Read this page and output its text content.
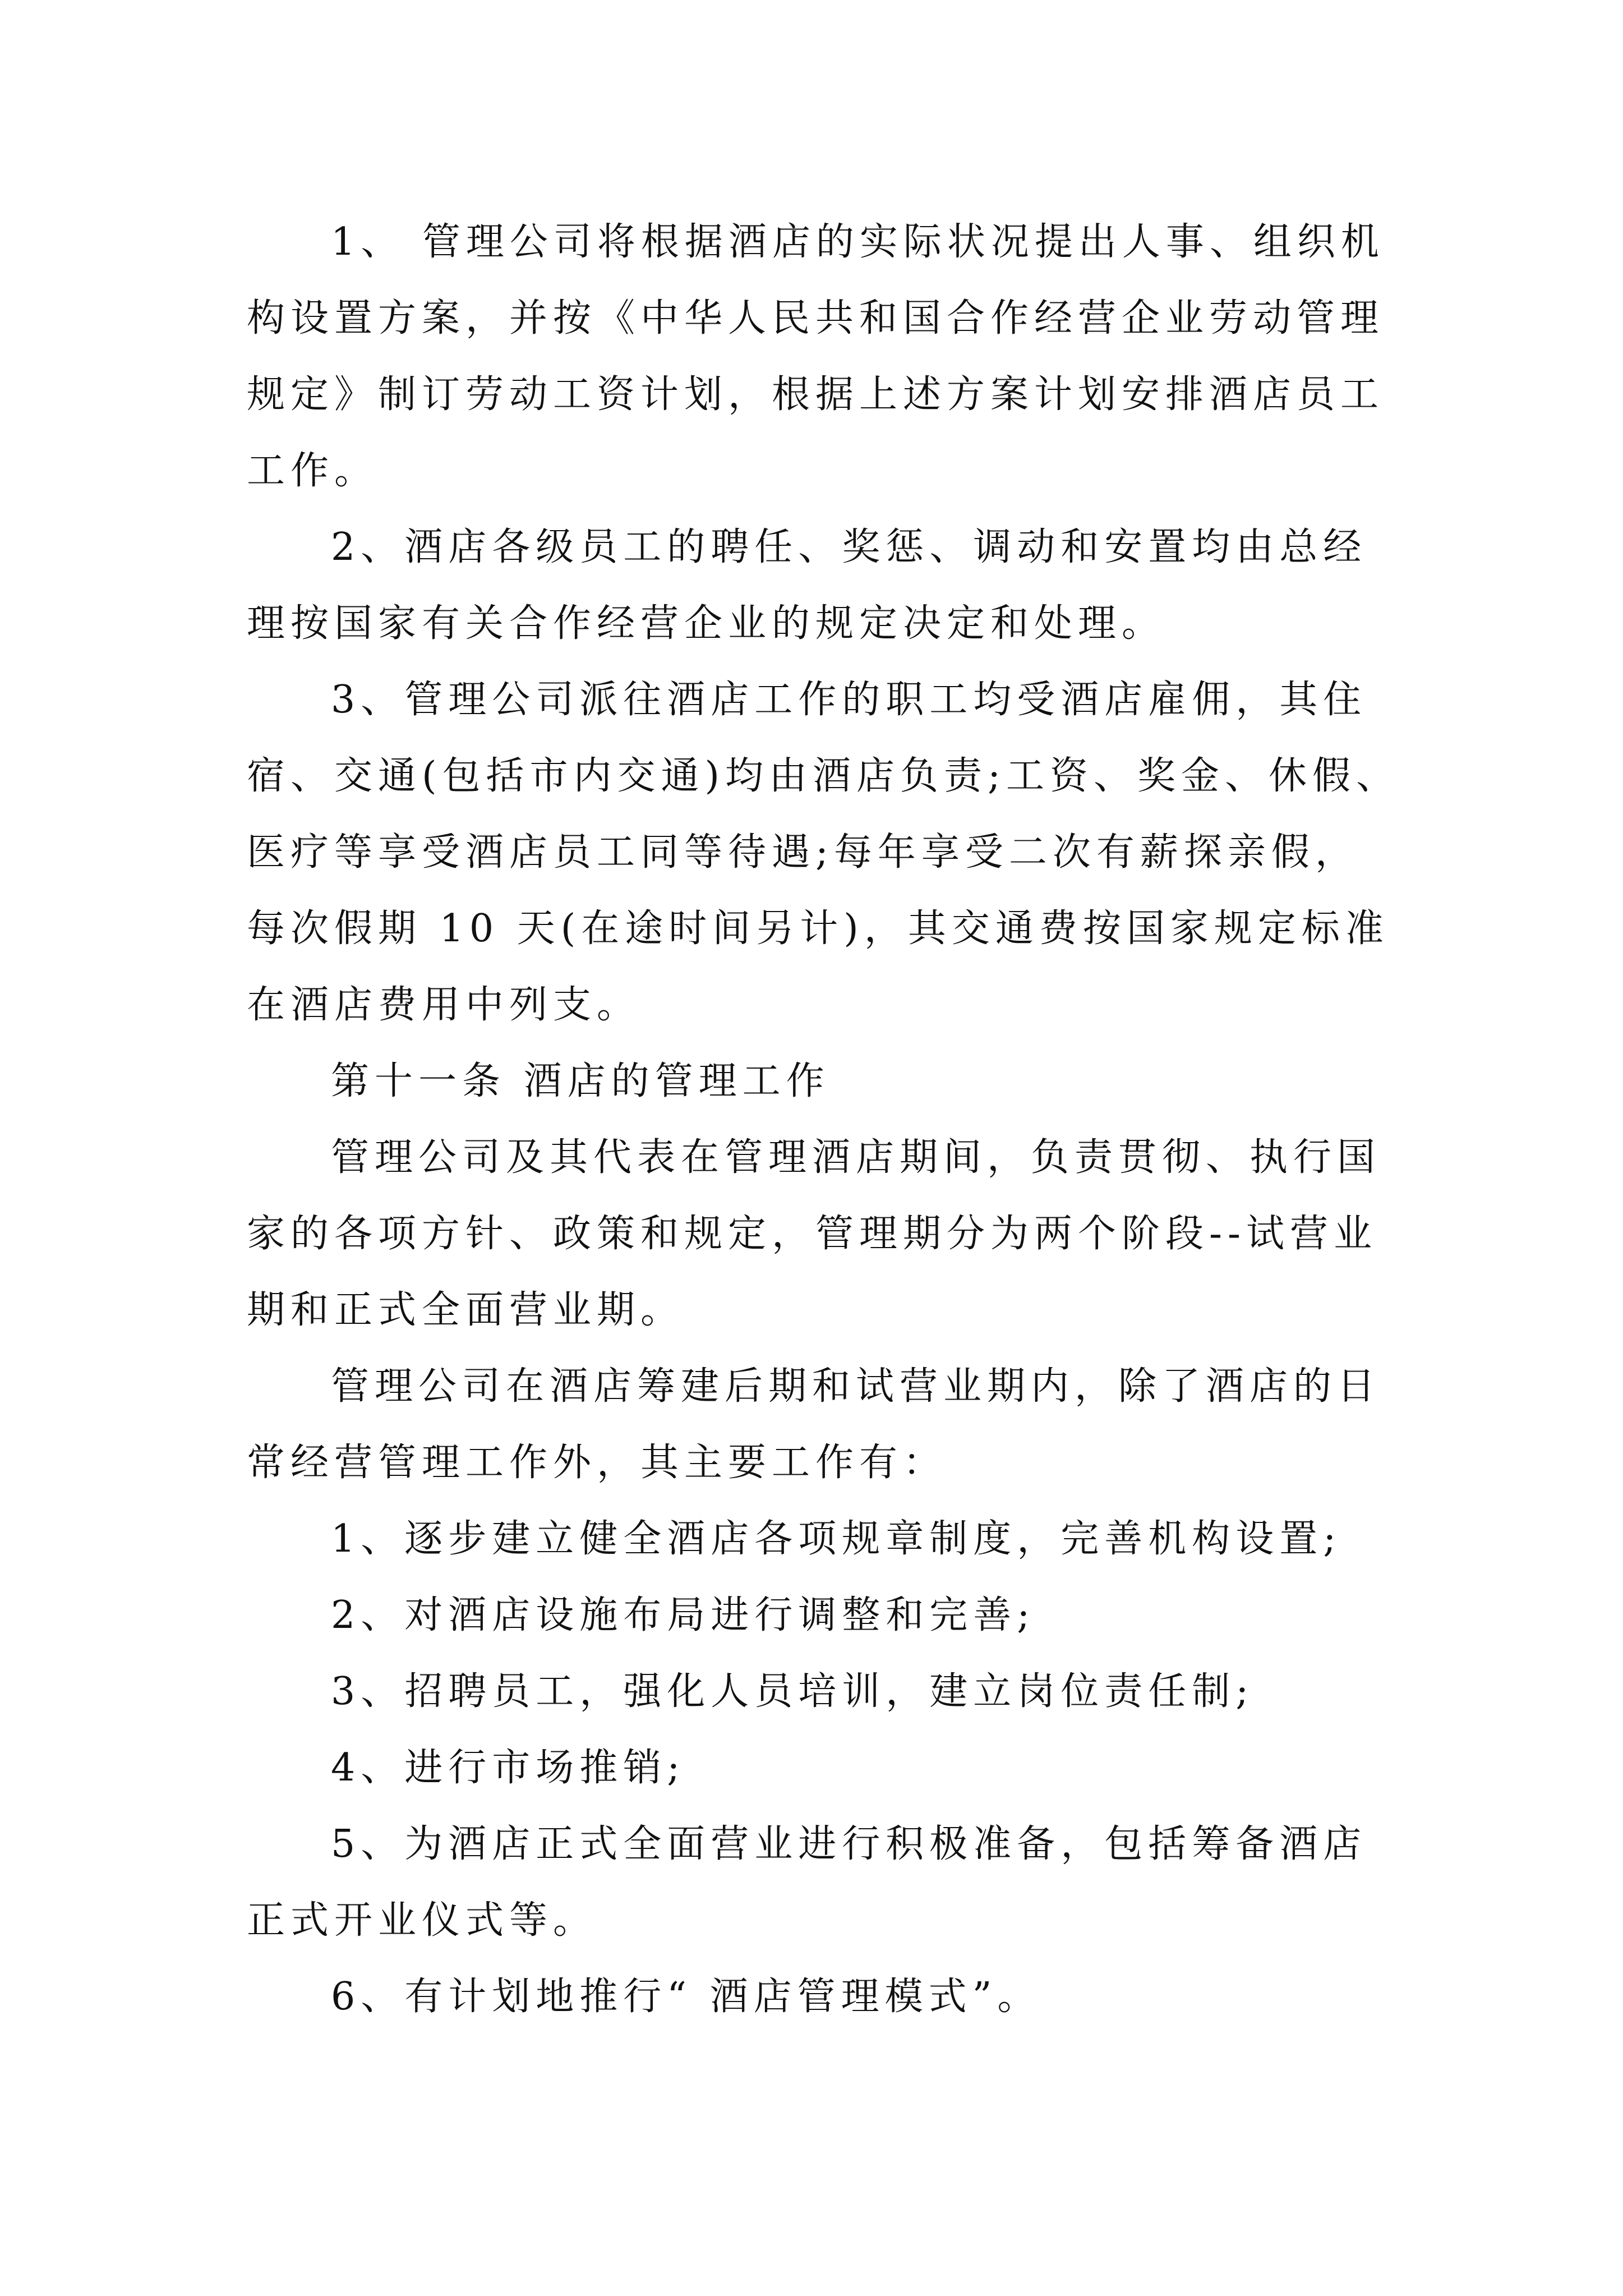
1、 管理公司将根据酒店的实际状况提出人事、组织机
构设置方案，并按《中华人民共和国合作经营企业劳动管理
规定》制订劳动工资计划，根据上述方案计划安排酒店员工
工作。
2、酒店各级员工的聘任、奖惩、调动和安置均由总经
理按国家有关合作经营企业的规定决定和处理。
3、管理公司派往酒店工作的职工均受酒店雇佣，其住
宿、交通(包括市内交通)均由酒店负责;工资、奖金、休假、
医疗等享受酒店员工同等待遇;每年享受二次有薪探亲假，
每次假期 10 天(在途时间另计)，其交通费按国家规定标准
在酒店费用中列支。
第十一条 酒店的管理工作
管理公司及其代表在管理酒店期间，负责贯彻、执行国
家的各项方针、政策和规定，管理期分为两个阶段--试营业
期和正式全面营业期。
管理公司在酒店筹建后期和试营业期内，除了酒店的日
常经营管理工作外，其主要工作有：
1、逐步建立健全酒店各项规章制度，完善机构设置;
2、对酒店设施布局进行调整和完善;
3、招聘员工，强化人员培训，建立岗位责任制;
4、进行市场推销;
5、为酒店正式全面营业进行积极准备，包括筹备酒店
正式开业仪式等。
6、有计划地推行“ 酒店管理模式”。
